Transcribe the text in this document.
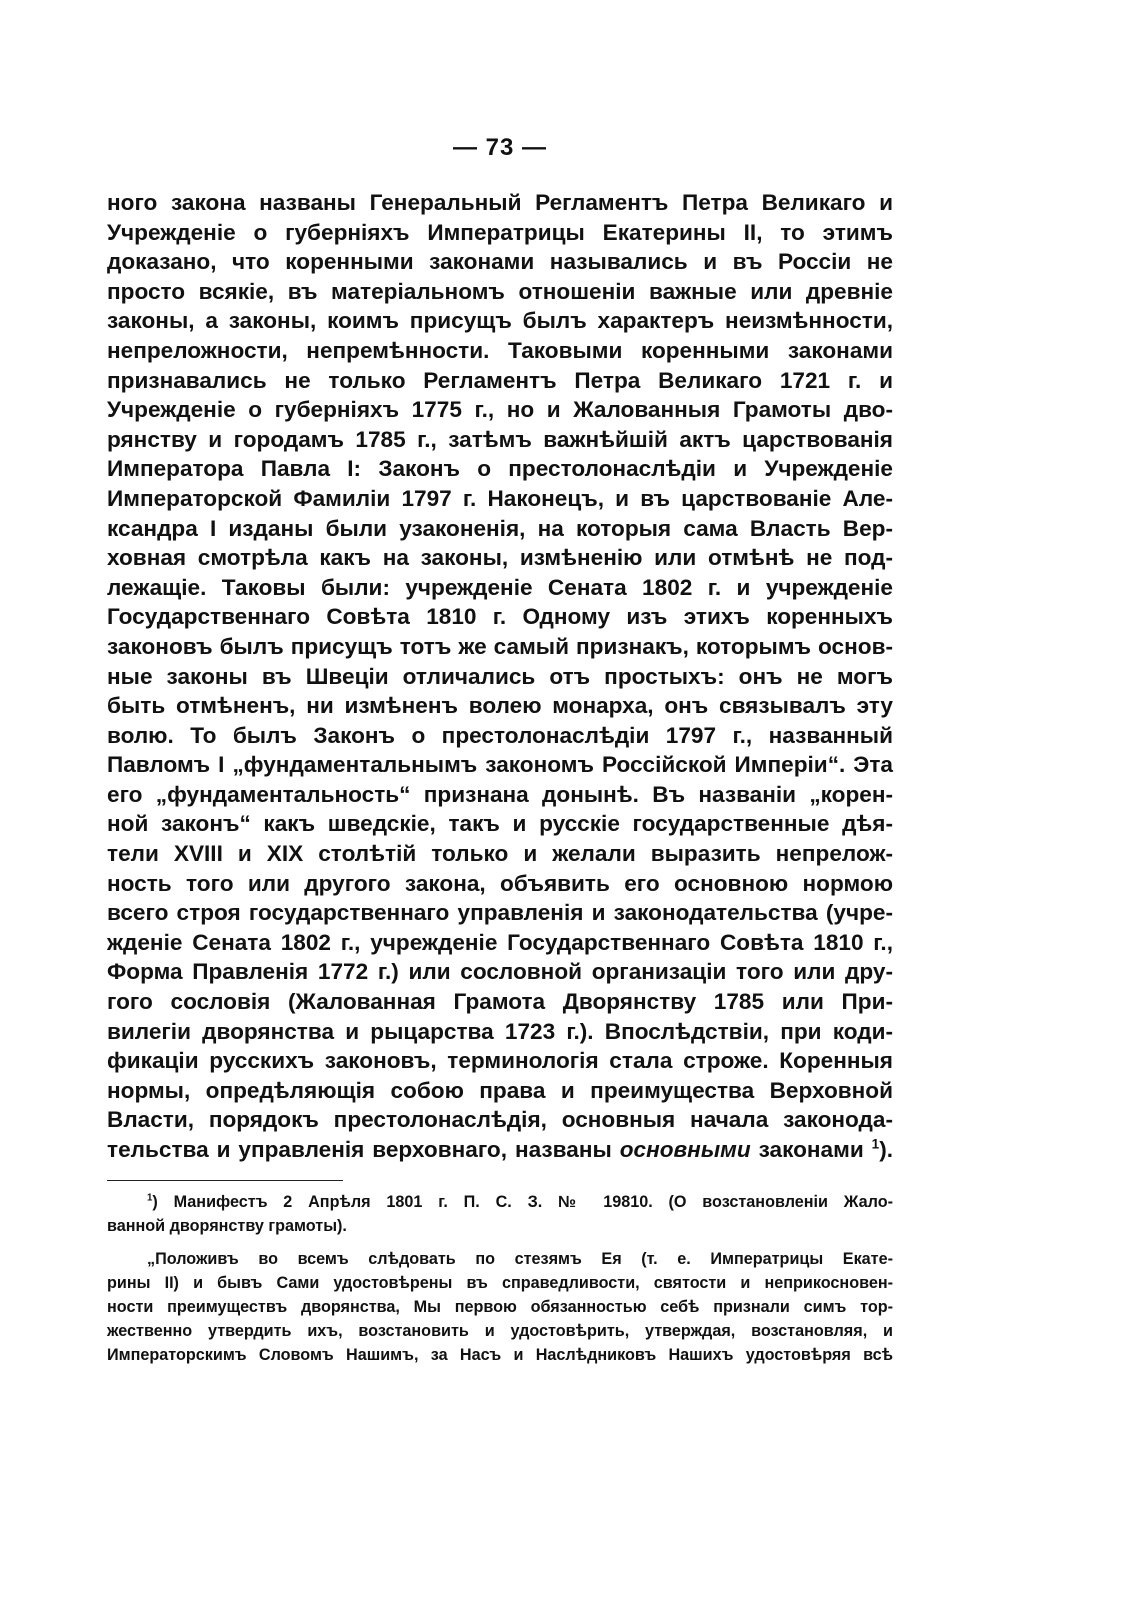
— 73 —
ного закона названы Генеральный Регламентъ Петра Великаго и
Учрежденіе о губерніяхъ Императрицы Екатерины II, то этимъ
доказано, что коренными законами назывались и въ Россіи не
просто всякіе, въ матеріальномъ отношеніи важные или древніе
законы, а законы, коимъ присущъ былъ характеръ неизмѣнности,
непреложности, непремѣнности. Таковыми коренными законами
признавались не только Регламентъ Петра Великаго 1721 г. и
Учрежденіе о губерніяхъ 1775 г., но и Жалованныя Грамоты дво-
рянству и городамъ 1785 г., затѣмъ важнѣйшій актъ царствованія
Императора Павла I: Законъ о престолонаслѣдіи и Учрежденіе
Императорской Фамиліи 1797 г. Наконецъ, и въ царствованіе Але-
ксандра I изданы были узаконенія, на которыя сама Власть Вер-
ховная смотрѣла какъ на законы, измѣненію или отмѣнѣ не под-
лежащіе. Таковы были: учрежденіе Сената 1802 г. и учрежденіе
Государственнаго Совѣта 1810 г. Одному изъ этихъ коренныхъ
законовъ былъ присущъ тотъ же самый признакъ, которымъ основ-
ные законы въ Швеціи отличались отъ простыхъ: онъ не могъ
быть отмѣненъ, ни измѣненъ волею монарха, онъ связывалъ эту
волю. То былъ Законъ о престолонаслѣдіи 1797 г., названный
Павломъ I „фундаментальнымъ закономъ Россійской Имперіи“. Эта
его „фундаментальность“ признана донынѣ. Въ названіи „корен-
ной законъ“ какъ шведскіе, такъ и русскіе государственные дѣя-
тели XVIII и XIX столѣтій только и желали выразить непрелож-
ность того или другого закона, объявить его основною нормою
всего строя государственнаго управленія и законодательства (учре-
жденіе Сената 1802 г., учрежденіе Государственнаго Совѣта 1810 г.,
Форма Правленія 1772 г.) или сословной организаціи того или дру-
гого сословія (Жалованная Грамота Дворянству 1785 или При-
вилегіи дворянства и рыцарства 1723 г.). Впослѣдствіи, при коди-
фикаціи русскихъ законовъ, терминологія стала строже. Коренныя
нормы, опредѣляющія собою права и преимущества Верховной
Власти, порядокъ престолонаслѣдія, основныя начала законода-
тельства и управленія верховнаго, названы основными законами $^1$).
$^1$) Манифестъ 2 Апрѣля 1801 г. П. С. З. № 19810. (О возстановленіи Жало-
ванной дворянству грамоты).
„Положивъ во всемъ слѣдовать по стезямъ Ея (т. е. Императрицы Екате-
рины II) и бывъ Сами удостовѣрены въ справедливости, святости и неприкосновен-
ности преимуществъ дворянства, Мы первою обязанностью себѣ признали симъ тор-
жественно утвердить ихъ, возстановить и удостовѣрить, утверждая, возстановляя, и
Императорскимъ Словомъ Нашимъ, за Насъ и Наслѣдниковъ Нашихъ удостовѣряя всѣ
